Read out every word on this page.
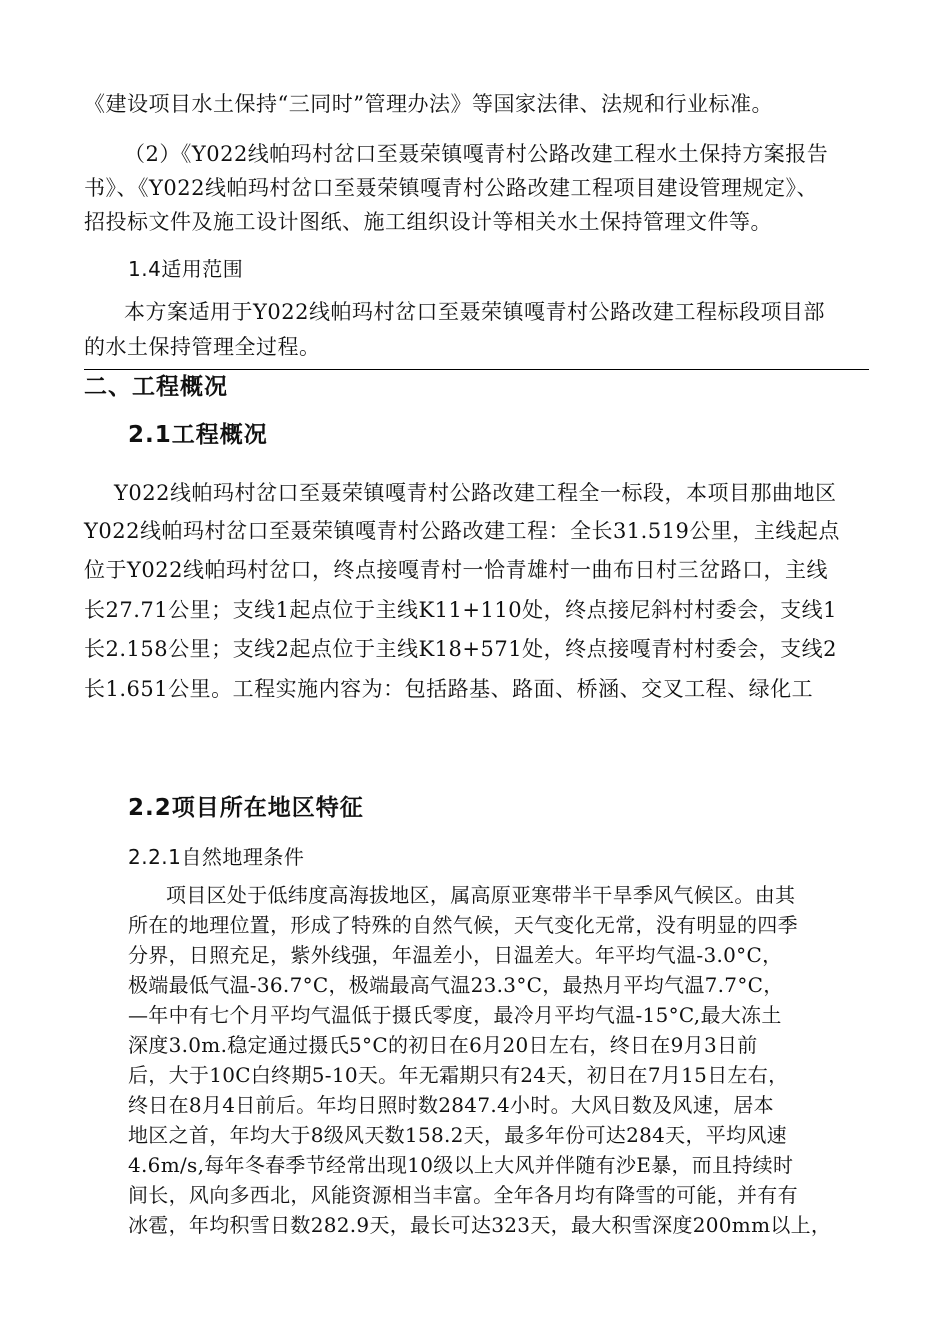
《建设项目水土保持“三同时”管理办法》等国家法律、法规和行业标准。
（2）《Y022线帕玛村岔口至聂荣镇嘎青村公路改建工程水土保持方案报告
书》、《Y022线帕玛村岔口至聂荣镇嘎青村公路改建工程项目建设管理规定》、
招投标文件及施工设计图纸、施工组织设计等相关水土保持管理文件等。
1.4适用范围
本方案适用于Y022线帕玛村岔口至聂荣镇嘎青村公路改建工程标段项目部
的水土保持管理全过程。
二、工程概况
2.1工程概况
Y022线帕玛村岔口至聂荣镇嘎青村公路改建工程全一标段，本项目那曲地区
Y022线帕玛村岔口至聂荣镇嘎青村公路改建工程：全长31.519公里，主线起点
位于Y022线帕玛村岔口，终点接嘎青村一恰青雄村一曲布日村三岔路口，主线
长27.71公里；支线1起点位于主线K11+110处，终点接尼斜村村委会，支线1
长2.158公里；支线2起点位于主线K18+571处，终点接嘎青村村委会，支线2
长1.651公里。工程实施内容为：包括路基、路面、桥涵、交叉工程、绿化工
2.2项目所在地区特征
2.2.1自然地理条件
项目区处于低纬度高海拔地区，属高原亚寒带半干旱季风气候区。由其
所在的地理位置，形成了特殊的自然气候，天气变化无常，没有明显的四季
分界，日照充足，紫外线强，年温差小，日温差大。年平均气温-3.0°C，
极端最低气温-36.7°C，极端最高气温23.3°C，最热月平均气温7.7°C，
—年中有七个月平均气温低于摄氏零度，最冷月平均气温-15°C,最大冻土
深度3.0m.稳定通过摄氏5°C的初日在6月20日左右，终日在9月3日前
后，大于10C白终期5-10天。年无霜期只有24天，初日在7月15日左右，
终日在8月4日前后。年均日照时数2847.4小时。大风日数及风速，居本
地区之首，年均大于8级风天数158.2天，最多年份可达284天，平均风速
4.6m/s,每年冬春季节经常出现10级以上大风并伴随有沙E暴，而且持续时
间长，风向多西北，风能资源相当丰富。全年各月均有降雪的可能，并有有
冰雹，年均积雪日数282.9天，最长可达323天，最大积雪深度200mm以上，
